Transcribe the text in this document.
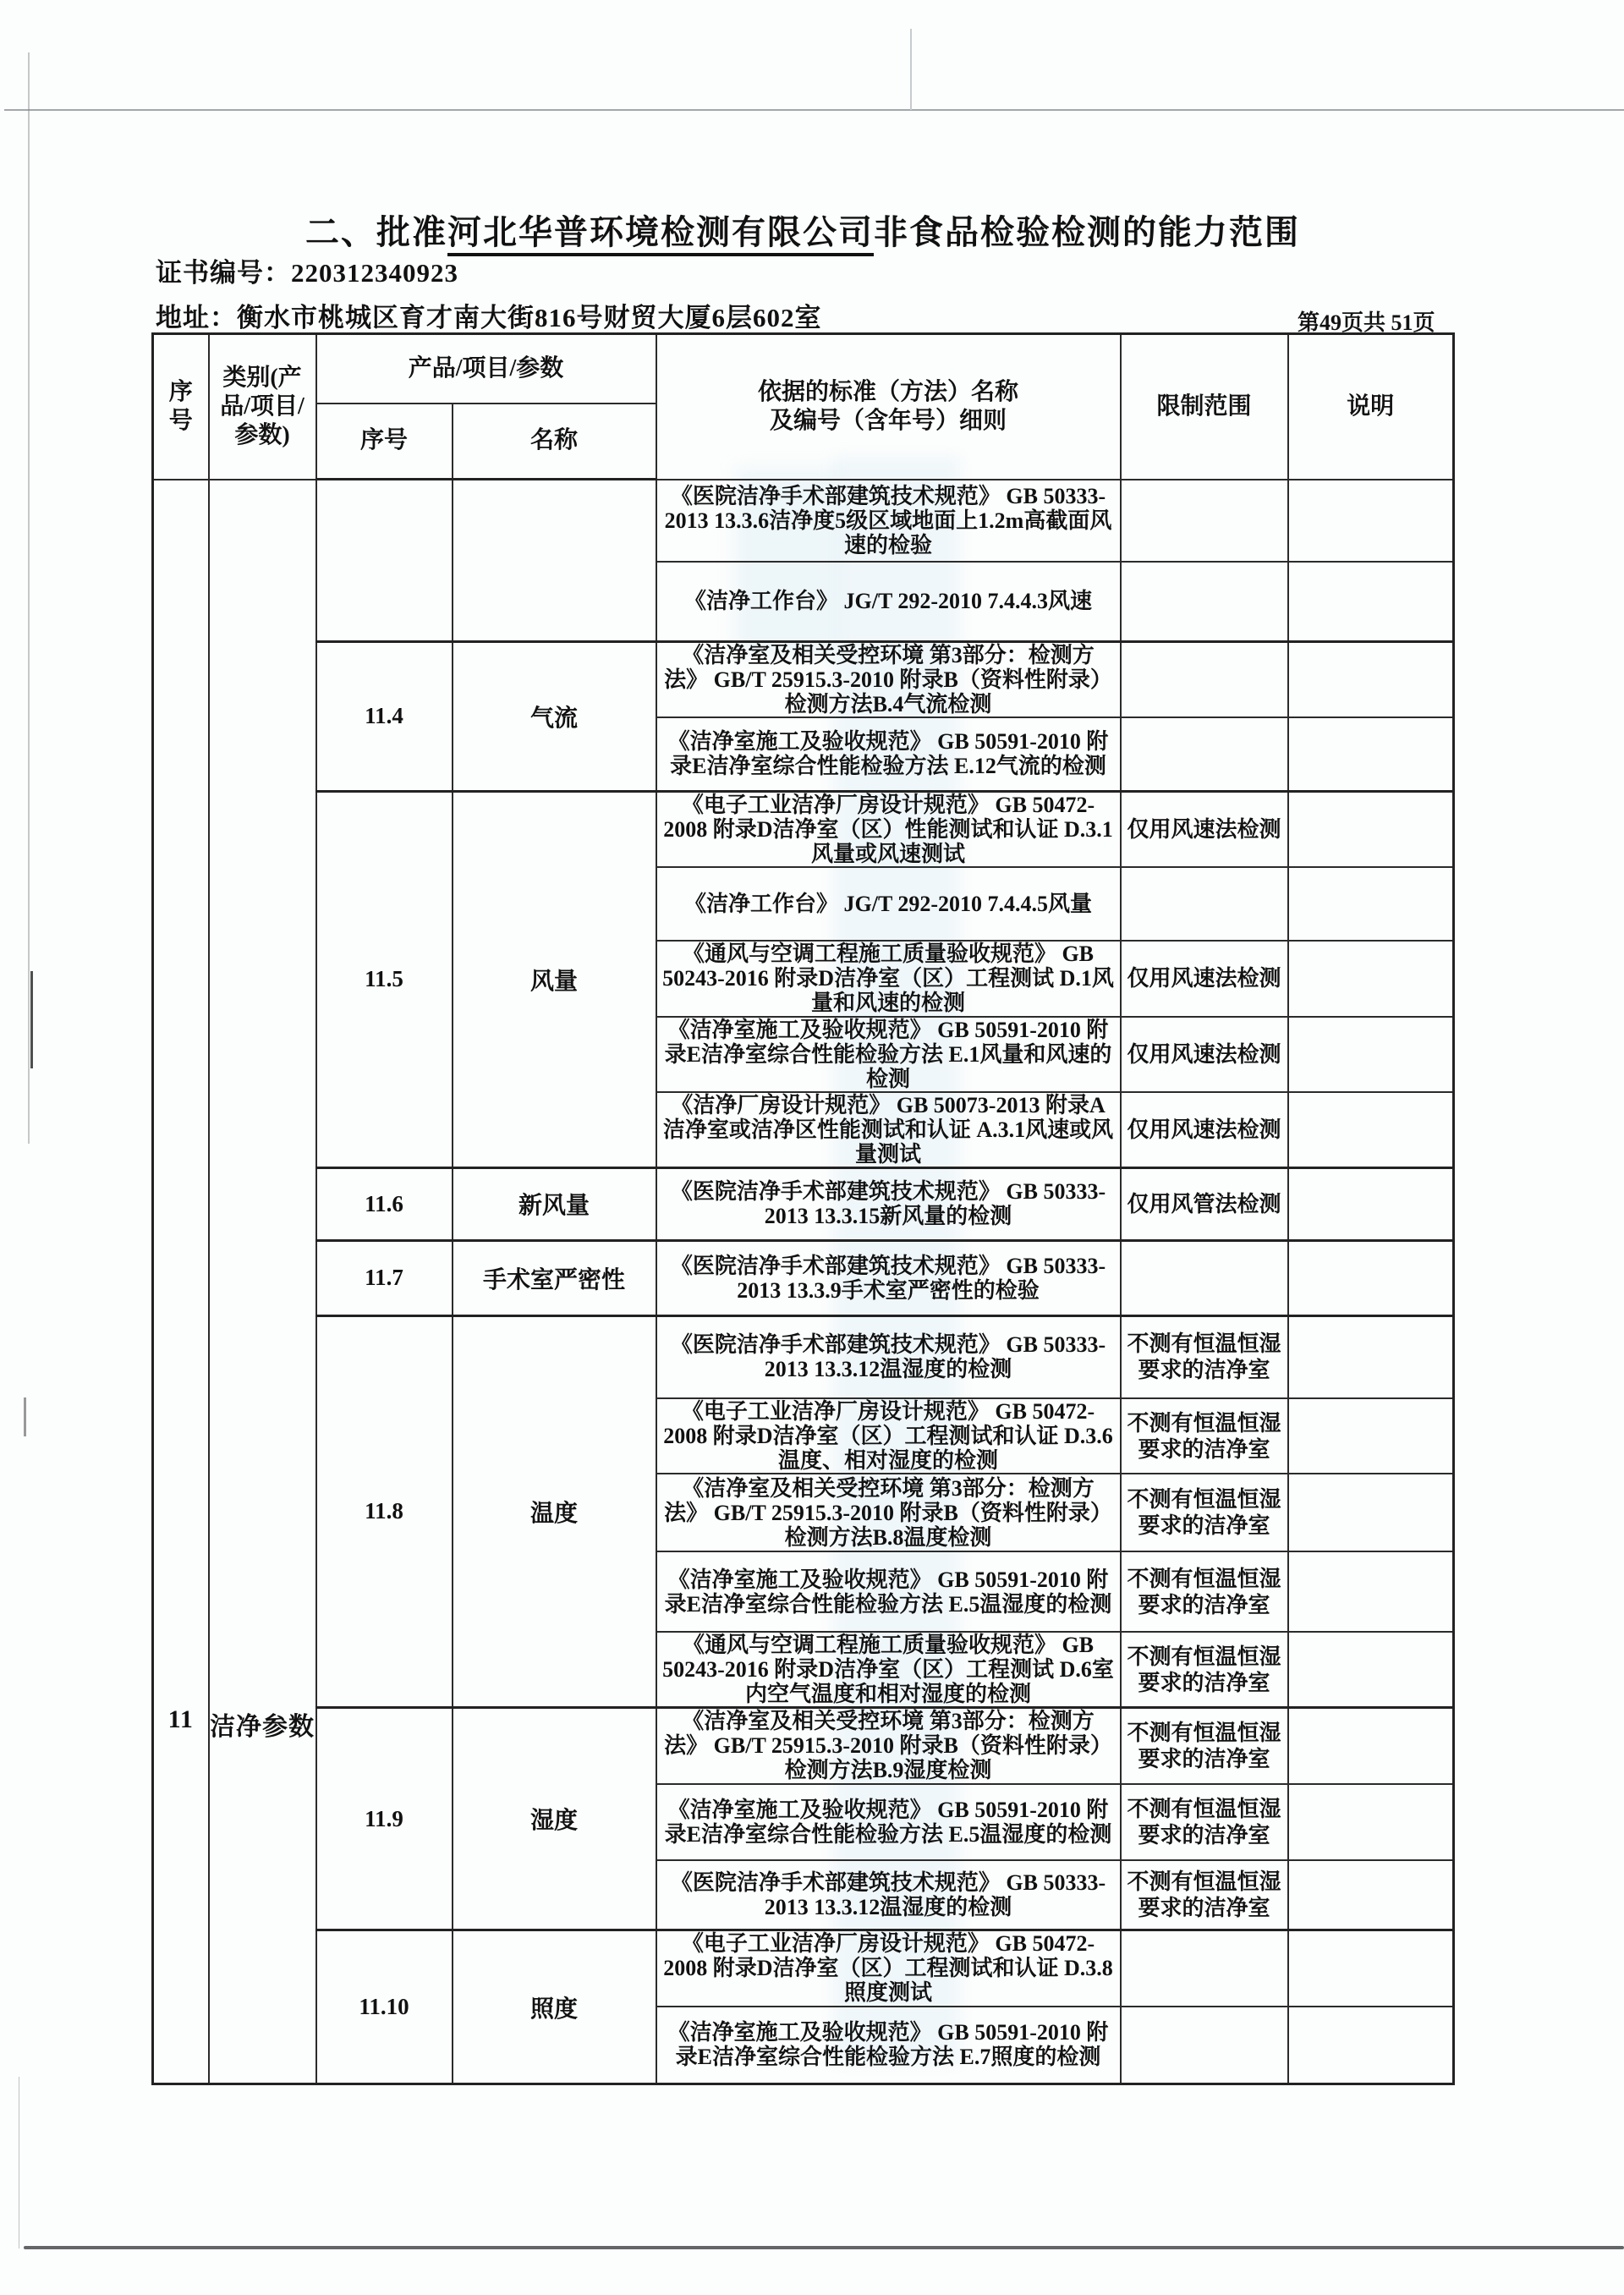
二、批准河北华普环境检测有限公司非食品检验检测的能力范围
证书编号：220312340923
地址：衡水市桃城区育才南大街816号财贸大厦6层602室	第49页共 51页
序号	类别(产品/项目/参数)	产品/项目/参数		依据的标准（方法）名称
及编号（含年号）细则	限制范围	说明
		序号	名称			

11	洁净参数			《医院洁净手术部建筑技术规范》 GB 50333-2013 13.3.6洁净度5级区域地面上1.2m高截面风速的检验		
				《洁净工作台》 JG/T 292-2010 7.4.4.3风速		
		11.4	气流	《洁净室及相关受控环境 第3部分：检测方法》 GB/T 25915.3-2010 附录B（资料性附录）检测方法B.4气流检测		
				《洁净室施工及验收规范》 GB 50591-2010 附录E洁净室综合性能检验方法 E.12气流的检测		
		11.5	风量	《电子工业洁净厂房设计规范》 GB 50472-2008 附录D洁净室（区）性能测试和认证 D.3.1风量或风速测试	仅用风速法检测	
				《洁净工作台》 JG/T 292-2010 7.4.4.5风量		
				《通风与空调工程施工质量验收规范》 GB 50243-2016 附录D洁净室（区）工程测试 D.1风量和风速的检测	仅用风速法检测	
				《洁净室施工及验收规范》 GB 50591-2010 附录E洁净室综合性能检验方法 E.1风量和风速的检测	仅用风速法检测	
				《洁净厂房设计规范》 GB 50073-2013 附录A洁净室或洁净区性能测试和认证 A.3.1风速或风量测试	仅用风速法检测	
		11.6	新风量	《医院洁净手术部建筑技术规范》 GB 50333-2013 13.3.15新风量的检测	仅用风管法检测	
		11.7	手术室严密性	《医院洁净手术部建筑技术规范》 GB 50333-2013 13.3.9手术室严密性的检验		
		11.8	温度	《医院洁净手术部建筑技术规范》 GB 50333-2013 13.3.12温湿度的检测	不测有恒温恒湿要求的洁净室	
				《电子工业洁净厂房设计规范》 GB 50472-2008 附录D洁净室（区）工程测试和认证 D.3.6温度、相对湿度的检测	不测有恒温恒湿要求的洁净室	
				《洁净室及相关受控环境 第3部分：检测方法》 GB/T 25915.3-2010 附录B（资料性附录）检测方法B.8温度检测	不测有恒温恒湿要求的洁净室	
				《洁净室施工及验收规范》 GB 50591-2010 附录E洁净室综合性能检验方法 E.5温湿度的检测	不测有恒温恒湿要求的洁净室	
				《通风与空调工程施工质量验收规范》 GB 50243-2016 附录D洁净室（区）工程测试 D.6室内空气温度和相对湿度的检测	不测有恒温恒湿要求的洁净室	
		11.9	湿度	《洁净室及相关受控环境 第3部分：检测方法》 GB/T 25915.3-2010 附录B（资料性附录）检测方法B.9湿度检测	不测有恒温恒湿要求的洁净室	
				《洁净室施工及验收规范》 GB 50591-2010 附录E洁净室综合性能检验方法 E.5温湿度的检测	不测有恒温恒湿要求的洁净室	
				《医院洁净手术部建筑技术规范》 GB 50333-2013 13.3.12温湿度的检测	不测有恒温恒湿要求的洁净室	
		11.10	照度	《电子工业洁净厂房设计规范》 GB 50472-2008 附录D洁净室（区）工程测试和认证 D.3.8照度测试		
				《洁净室施工及验收规范》 GB 50591-2010 附录E洁净室综合性能检验方法 E.7照度的检测		
